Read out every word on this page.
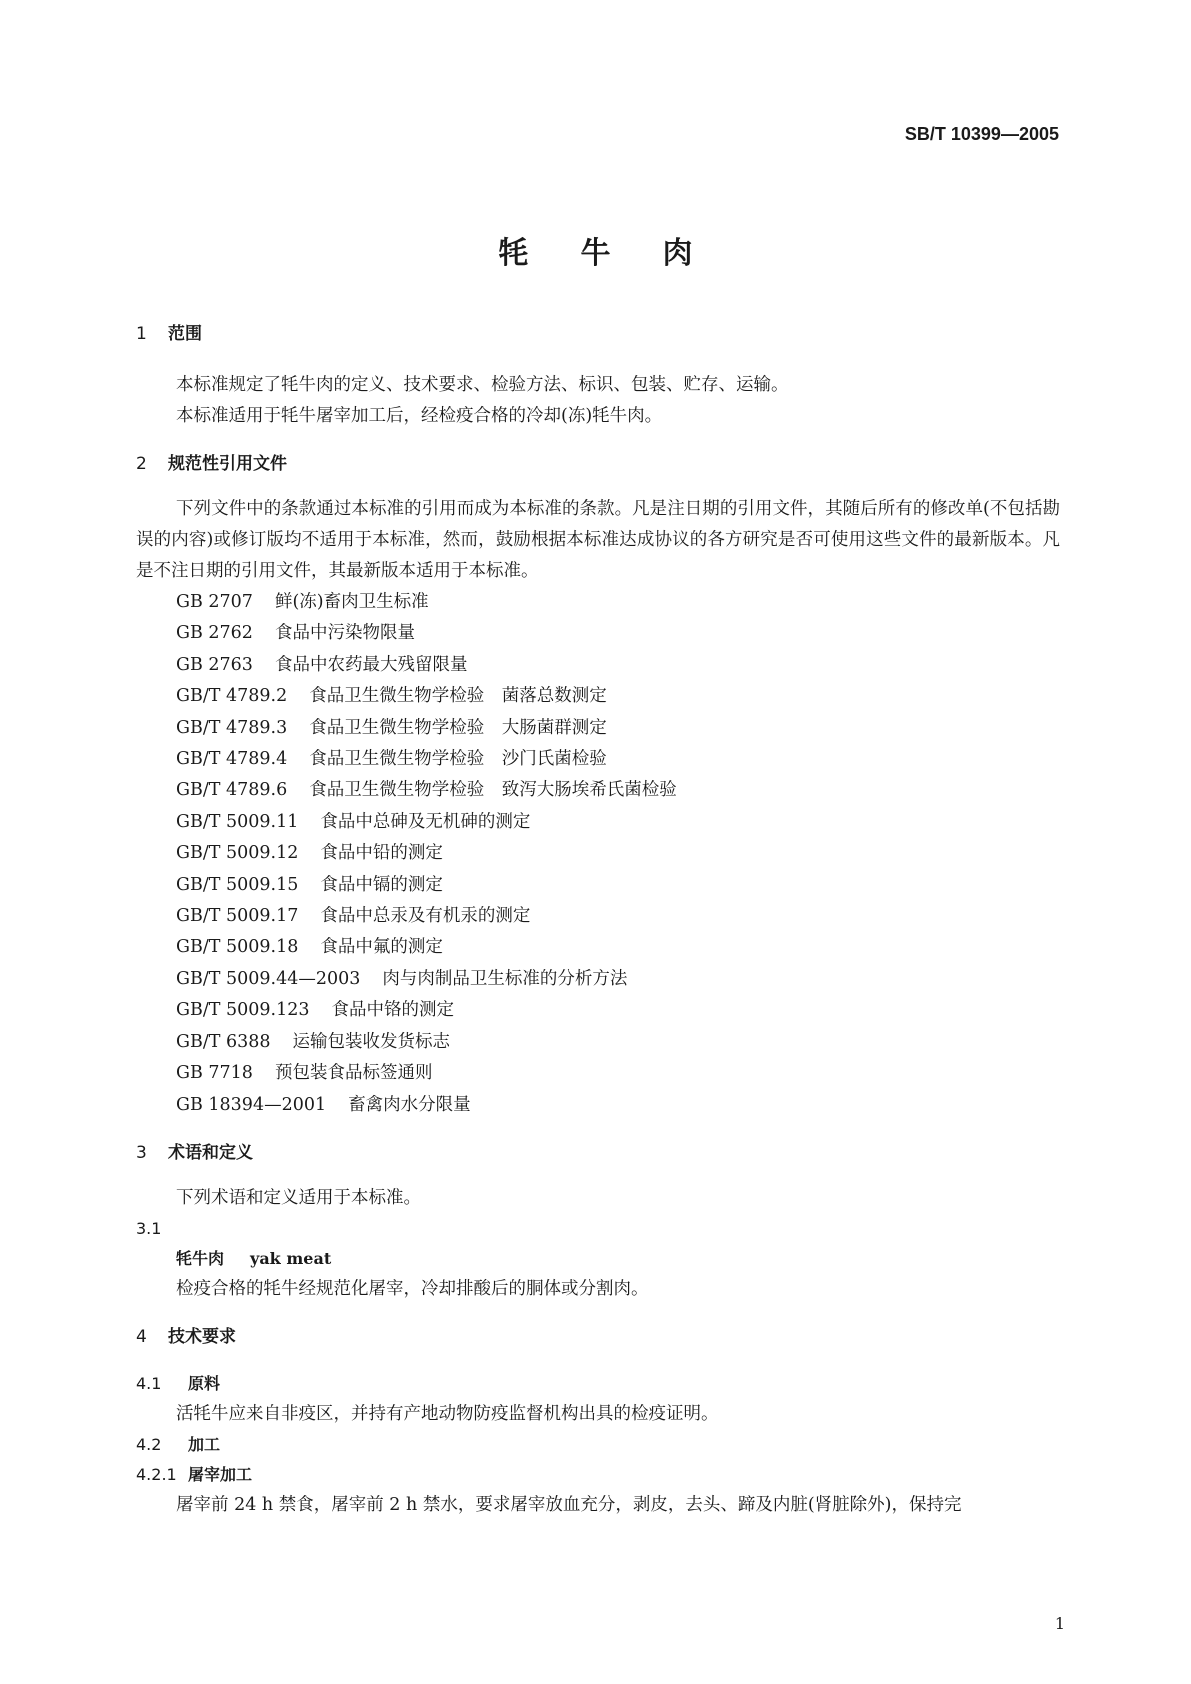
SB/T 10399—2005
牦牛肉
1 范围
本标准规定了牦牛肉的定义、技术要求、检验方法、标识、包装、贮存、运输。
本标准适用于牦牛屠宰加工后，经检疫合格的冷却(冻)牦牛肉。
2 规范性引用文件
下列文件中的条款通过本标准的引用而成为本标准的条款。凡是注日期的引用文件，其随后所有的修改单(不包括勘误的内容)或修订版均不适用于本标准，然而，鼓励根据本标准达成协议的各方研究是否可使用这些文件的最新版本。凡是不注日期的引用文件，其最新版本适用于本标准。
GB 2707 鲜(冻)畜肉卫生标准
GB 2762 食品中污染物限量
GB 2763 食品中农药最大残留限量
GB/T 4789.2 食品卫生微生物学检验　菌落总数测定
GB/T 4789.3 食品卫生微生物学检验　大肠菌群测定
GB/T 4789.4 食品卫生微生物学检验　沙门氏菌检验
GB/T 4789.6 食品卫生微生物学检验　致泻大肠埃希氏菌检验
GB/T 5009.11 食品中总砷及无机砷的测定
GB/T 5009.12 食品中铅的测定
GB/T 5009.15 食品中镉的测定
GB/T 5009.17 食品中总汞及有机汞的测定
GB/T 5009.18 食品中氟的测定
GB/T 5009.44—2003 肉与肉制品卫生标准的分析方法
GB/T 5009.123 食品中铬的测定
GB/T 6388 运输包装收发货标志
GB 7718 预包装食品标签通则
GB 18394—2001 畜禽肉水分限量
3 术语和定义
下列术语和定义适用于本标准。
3.1
牦牛肉 yak meat
检疫合格的牦牛经规范化屠宰，冷却排酸后的胴体或分割肉。
4 技术要求
4.1 原料
活牦牛应来自非疫区，并持有产地动物防疫监督机构出具的检疫证明。
4.2 加工
4.2.1 屠宰加工
屠宰前 24 h 禁食，屠宰前 2 h 禁水，要求屠宰放血充分，剥皮，去头、蹄及内脏(肾脏除外)，保持完
1
